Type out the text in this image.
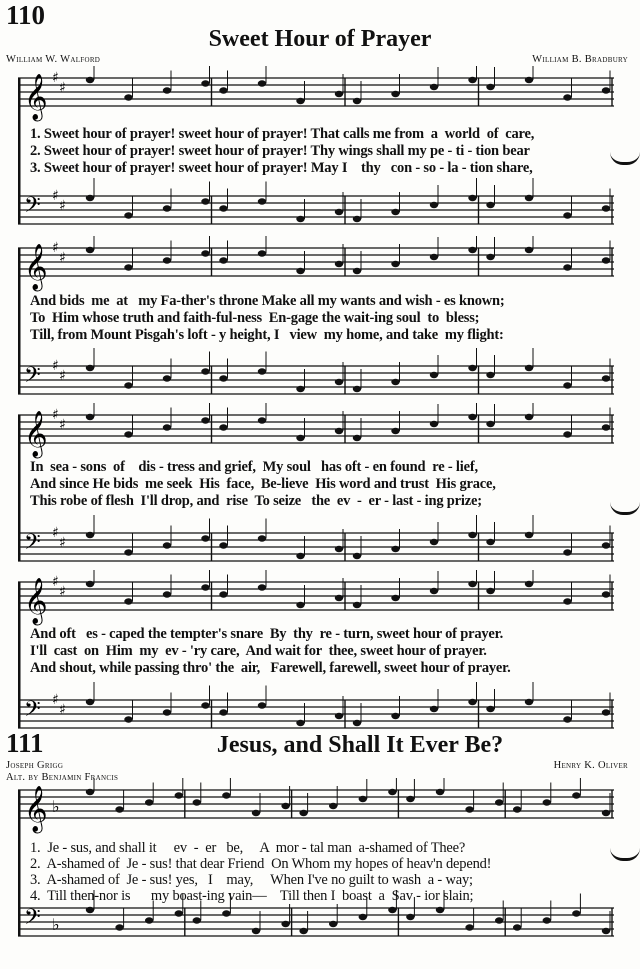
110
Sweet Hour of Prayer
William W. Walford	William B. Bradbury
𝄞 ♯
♯
𝄢 ♯
♯
1. Sweet hour of prayer! sweet hour of prayer! That calls me from  a  world  of  care,
2. Sweet hour of prayer! sweet hour of prayer! Thy wings shall my pe - ti - tion bear
3. Sweet hour of prayer! sweet hour of prayer! May I    thy   con - so - la - tion share,
𝄞 ♯
♯
𝄢 ♯
♯
And bids  me  at   my Fa-ther's throne Make all my wants and wish - es known;
To  Him whose truth and faith-ful-ness  En-gage the wait-ing soul  to  bless;
Till, from Mount Pisgah's loft - y height, I   view  my home, and take  my flight:
𝄞 ♯
♯
𝄢 ♯
♯
In  sea - sons  of    dis - tress and grief,  My soul   has oft - en found  re - lief,
And since He bids  me seek  His  face,  Be-lieve  His word and trust  His grace,
This robe of flesh  I'll drop, and  rise  To seize   the  ev  -  er - last - ing prize;
𝄞 ♯
♯
𝄢 ♯
♯
And oft   es - caped the tempter's snare  By  thy  re - turn, sweet hour of prayer.
I'll  cast  on  Him  my  ev - 'ry care,  And wait for  thee, sweet hour of prayer.
And shout, while passing thro' the  air,   Farewell, farewell, sweet hour of prayer.
111	Jesus, and Shall It Ever Be?
Joseph Grigg
Alt. by Benjamin Francis
Henry K. Oliver
𝄞 ♭
𝄢 ♭
1.  Je - sus, and shall it     ev  -  er   be,     A  mor - tal man  a-shamed of Thee?
2.  A-shamed of  Je - sus! that dear Friend  On Whom my hopes of heav'n depend!
3.  A-shamed of  Je - sus! yes,   I    may,     When I've no guilt to wash  a - way;
4.  Till then-nor is      my boast-ing vain—    Till then I  boast  a  Sav - ior slain;
